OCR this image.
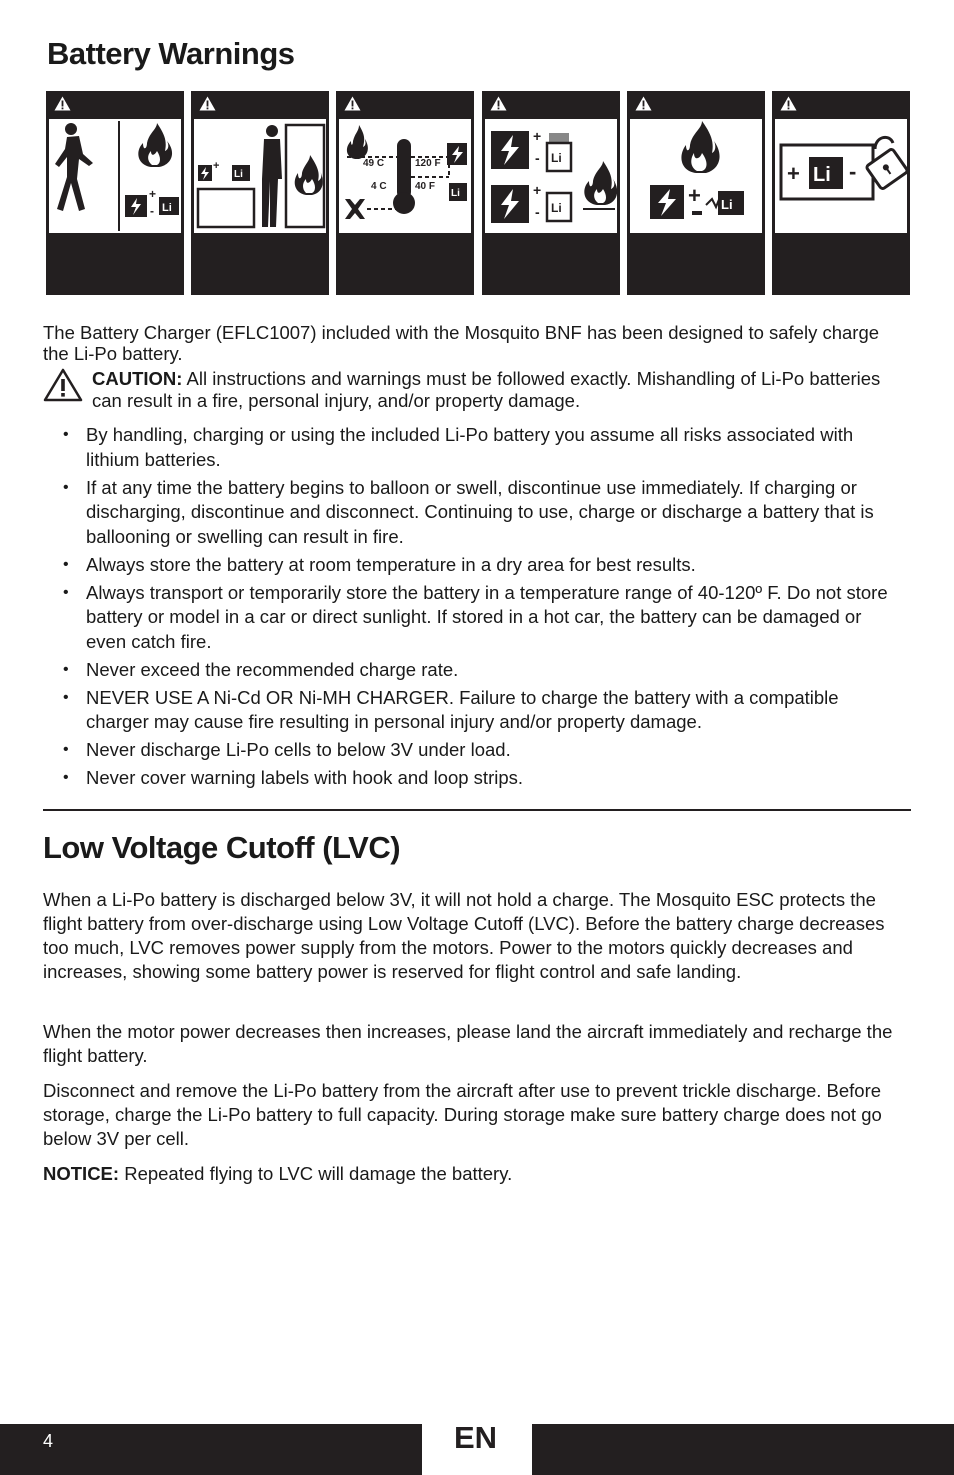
Battery Warnings
+
- Li
+
Li
49 C	120 F
4 C	40 F
Li
+
- Li
+
- Li	+ Li
+ Li -

The Battery Charger (EFLC1007) included with the Mosquito BNF has been designed to safely charge the Li-Po battery.

CAUTION: All instructions and warnings must be followed exactly. Mishandling of Li-Po batteries can result in a fire, personal injury, and/or property damage.

• By handling, charging or using the included Li-Po battery you assume all risks associated with lithium batteries.
• If at any time the battery begins to balloon or swell, discontinue use immediately. If charging or discharging, discontinue and disconnect. Continuing to use, charge or discharge a battery that is ballooning or swelling can result in fire.
• Always store the battery at room temperature in a dry area for best results.
• Always transport or temporarily store the battery in a temperature range of 40-120º F. Do not store battery or model in a car or direct sunlight. If stored in a hot car, the battery can be damaged or even catch fire.
• Never exceed the recommended charge rate.
• NEVER USE A Ni-Cd OR Ni-MH CHARGER. Failure to charge the battery with a compatible charger may cause fire resulting in personal injury and/or property damage.
• Never discharge Li-Po cells to below 3V under load.
• Never cover warning labels with hook and loop strips.
Low Voltage Cutoff (LVC)

When a Li-Po battery is discharged below 3V, it will not hold a charge. The Mosquito ESC protects the flight battery from over-discharge using Low Voltage Cutoff (LVC). Before the battery charge decreases too much, LVC removes power supply from the motors. Power to the motors quickly decreases and increases, showing some battery power is reserved for flight control and safe landing.

When the motor power decreases then increases, please land the aircraft immediately and recharge the flight battery.

Disconnect and remove the Li-Po battery from the aircraft after use to prevent trickle discharge. Before storage, charge the Li-Po battery to full capacity. During storage make sure battery charge does not go below 3V per cell.

NOTICE: Repeated flying to LVC will damage the battery.

4	EN
